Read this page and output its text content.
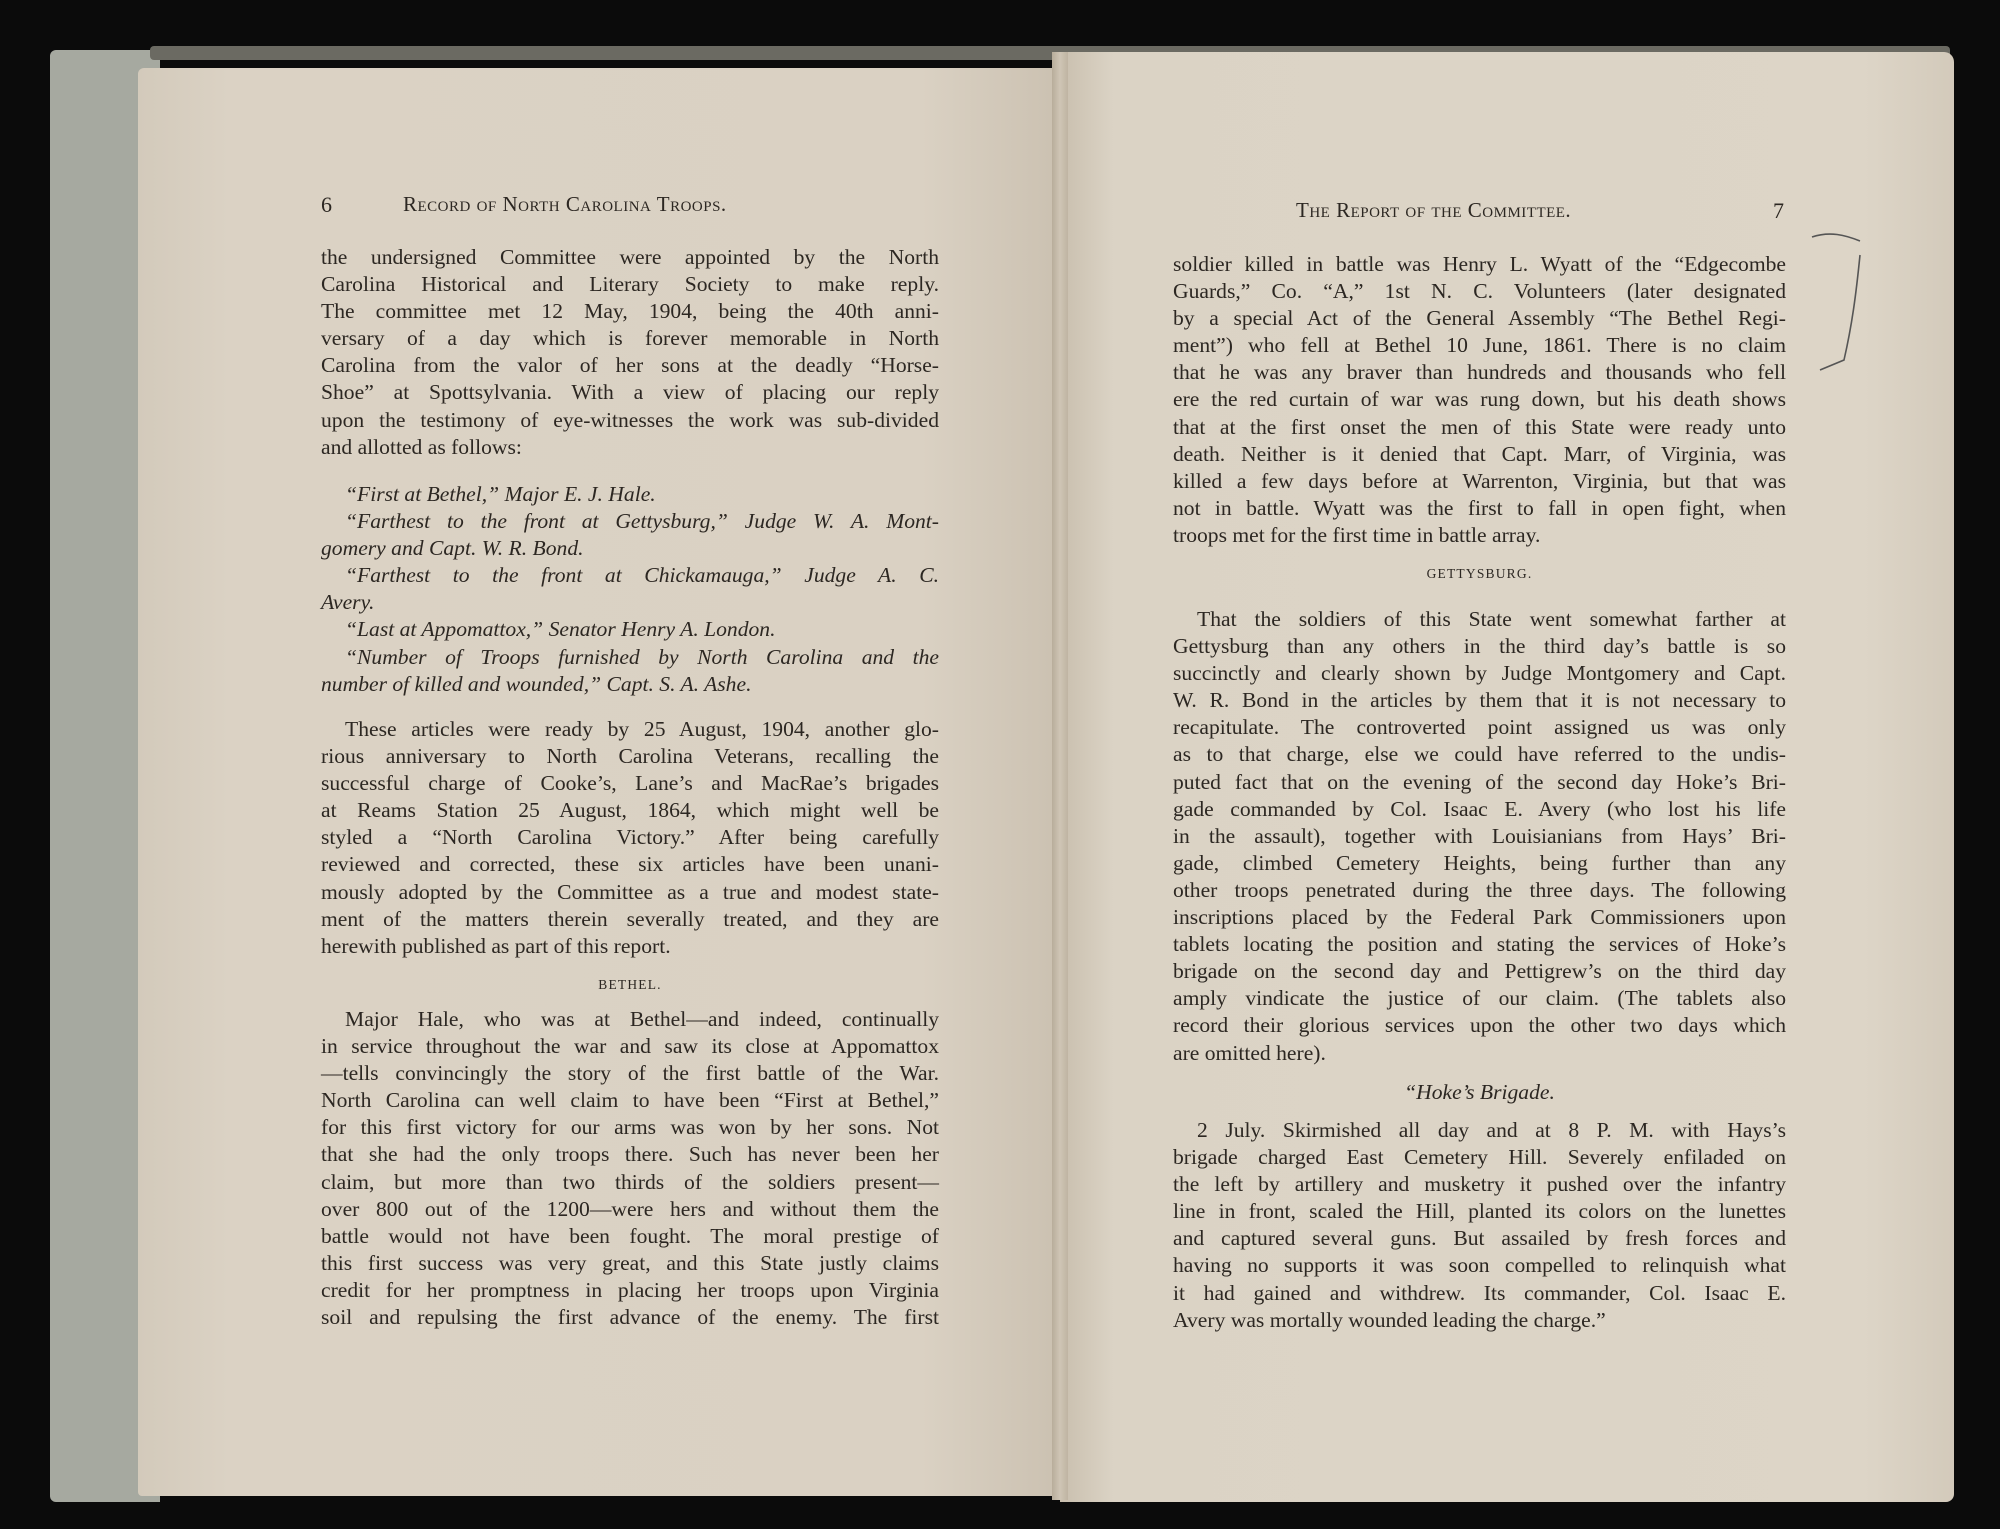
6	Record of North Carolina Troops.
the undersigned Committee were appointed by the North
Carolina Historical and Literary Society to make reply.
The committee met 12 May, 1904, being the 40th anni-
versary of a day which is forever memorable in North
Carolina from the valor of her sons at the deadly “Horse-
Shoe” at Spottsylvania. With a view of placing our reply
upon the testimony of eye-witnesses the work was sub-divided
and allotted as follows:
“First at Bethel,” Major E. J. Hale.
“Farthest to the front at Gettysburg,” Judge W. A. Mont-
gomery and Capt. W. R. Bond.
“Farthest to the front at Chickamauga,” Judge A. C.
Avery.
“Last at Appomattox,” Senator Henry A. London.
“Number of Troops furnished by North Carolina and the
number of killed and wounded,” Capt. S. A. Ashe.
These articles were ready by 25 August, 1904, another glo-
rious anniversary to North Carolina Veterans, recalling the
successful charge of Cooke’s, Lane’s and MacRae’s brigades
at Reams Station 25 August, 1864, which might well be
styled a “North Carolina Victory.” After being carefully
reviewed and corrected, these six articles have been unani-
mously adopted by the Committee as a true and modest state-
ment of the matters therein severally treated, and they are
herewith published as part of this report.
BETHEL.
Major Hale, who was at Bethel—and indeed, continually
in service throughout the war and saw its close at Appomattox
—tells convincingly the story of the first battle of the War.
North Carolina can well claim to have been “First at Bethel,”
for this first victory for our arms was won by her sons. Not
that she had the only troops there. Such has never been her
claim, but more than two thirds of the soldiers present—
over 800 out of the 1200—were hers and without them the
battle would not have been fought. The moral prestige of
this first success was very great, and this State justly claims
credit for her promptness in placing her troops upon Virginia
soil and repulsing the first advance of the enemy. The first
The Report of the Committee.	7
soldier killed in battle was Henry L. Wyatt of the “Edgecombe
Guards,” Co. “A,” 1st N. C. Volunteers (later designated
by a special Act of the General Assembly “The Bethel Regi-
ment”) who fell at Bethel 10 June, 1861. There is no claim
that he was any braver than hundreds and thousands who fell
ere the red curtain of war was rung down, but his death shows
that at the first onset the men of this State were ready unto
death. Neither is it denied that Capt. Marr, of Virginia, was
killed a few days before at Warrenton, Virginia, but that was
not in battle. Wyatt was the first to fall in open fight, when
troops met for the first time in battle array.
GETTYSBURG.
That the soldiers of this State went somewhat farther at
Gettysburg than any others in the third day’s battle is so
succinctly and clearly shown by Judge Montgomery and Capt.
W. R. Bond in the articles by them that it is not necessary to
recapitulate. The controverted point assigned us was only
as to that charge, else we could have referred to the undis-
puted fact that on the evening of the second day Hoke’s Bri-
gade commanded by Col. Isaac E. Avery (who lost his life
in the assault), together with Louisianians from Hays’ Bri-
gade, climbed Cemetery Heights, being further than any
other troops penetrated during the three days. The following
inscriptions placed by the Federal Park Commissioners upon
tablets locating the position and stating the services of Hoke’s
brigade on the second day and Pettigrew’s on the third day
amply vindicate the justice of our claim. (The tablets also
record their glorious services upon the other two days which
are omitted here).
“Hoke’s Brigade.
2 July. Skirmished all day and at 8 P. M. with Hays’s
brigade charged East Cemetery Hill. Severely enfiladed on
the left by artillery and musketry it pushed over the infantry
line in front, scaled the Hill, planted its colors on the lunettes
and captured several guns. But assailed by fresh forces and
having no supports it was soon compelled to relinquish what
it had gained and withdrew. Its commander, Col. Isaac E.
Avery was mortally wounded leading the charge.”
